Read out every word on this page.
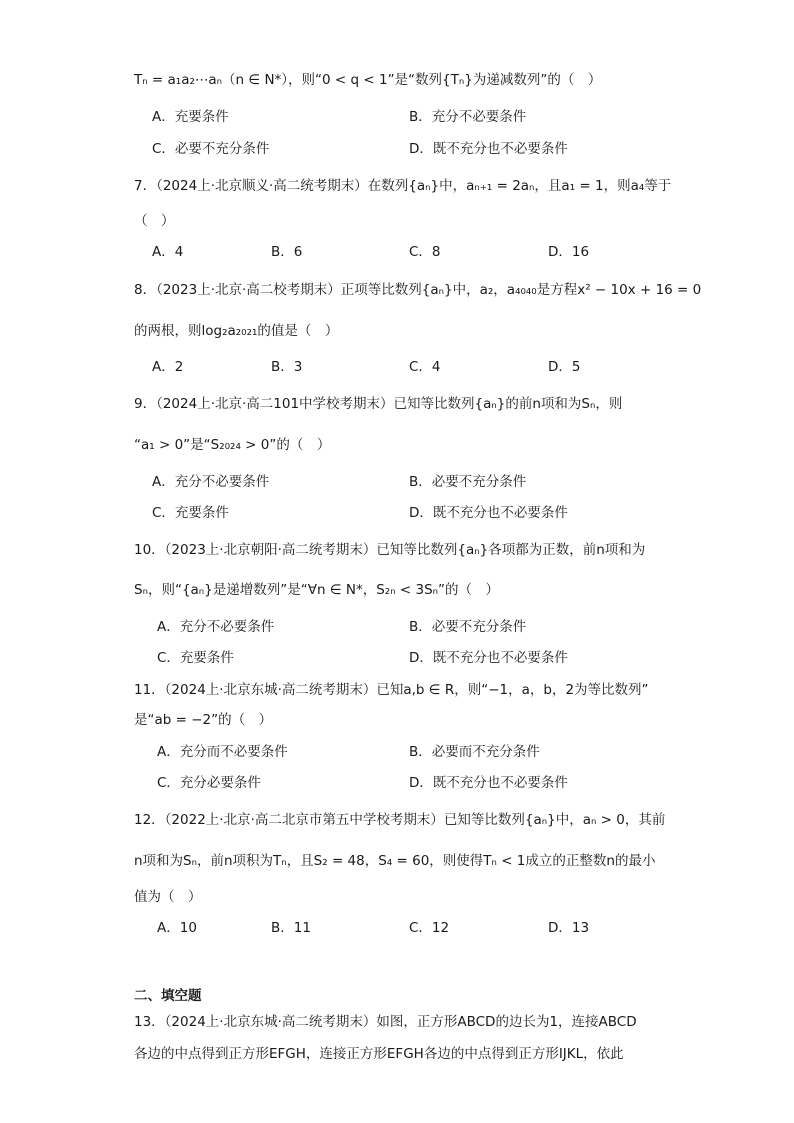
Tₙ = a₁a₂⋯aₙ（n ∈ N*），则“0 < q < 1”是“数列{Tₙ}为递减数列”的（　）
A．充要条件	B．充分不必要条件
C．必要不充分条件	D．既不充分也不必要条件
7．（2024上·北京顺义·高二统考期末）在数列{aₙ}中，aₙ₊₁ = 2aₙ，且a₁ = 1，则a₄等于
（　）
A．4	B．6	C．8	D．16
8．（2023上·北京·高二校考期末）正项等比数列{aₙ}中，a₂，a₄₀₄₀是方程x² − 10x + 16 = 0
的两根，则log₂a₂₀₂₁的值是（　）
A．2	B．3	C．4	D．5
9．（2024上·北京·高二101中学校考期末）已知等比数列{aₙ}的前n项和为Sₙ，则
“a₁ > 0”是“S₂₀₂₄ > 0”的（　）
A．充分不必要条件	B．必要不充分条件
C．充要条件	D．既不充分也不必要条件
10．（2023上·北京朝阳·高二统考期末）已知等比数列{aₙ}各项都为正数，前n项和为
Sₙ，则“{aₙ}是递增数列”是“∀n ∈ N*，S₂ₙ < 3Sₙ”的（　）
A．充分不必要条件	B．必要不充分条件
C．充要条件	D．既不充分也不必要条件
11．（2024上·北京东城·高二统考期末）已知a,b ∈ R，则“−1，a，b，2为等比数列”
是“ab = −2”的（　）
A．充分而不必要条件	B．必要而不充分条件
C．充分必要条件	D．既不充分也不必要条件
12．（2022上·北京·高二北京市第五中学校考期末）已知等比数列{aₙ}中，aₙ > 0，其前
n项和为Sₙ，前n项积为Tₙ，且S₂ = 48，S₄ = 60，则使得Tₙ < 1成立的正整数n的最小
值为（　）
A．10	B．11	C．12	D．13
二、填空题
13．（2024上·北京东城·高二统考期末）如图，正方形ABCD的边长为1，连接ABCD
各边的中点得到正方形EFGH，连接正方形EFGH各边的中点得到正方形IJKL，依此
